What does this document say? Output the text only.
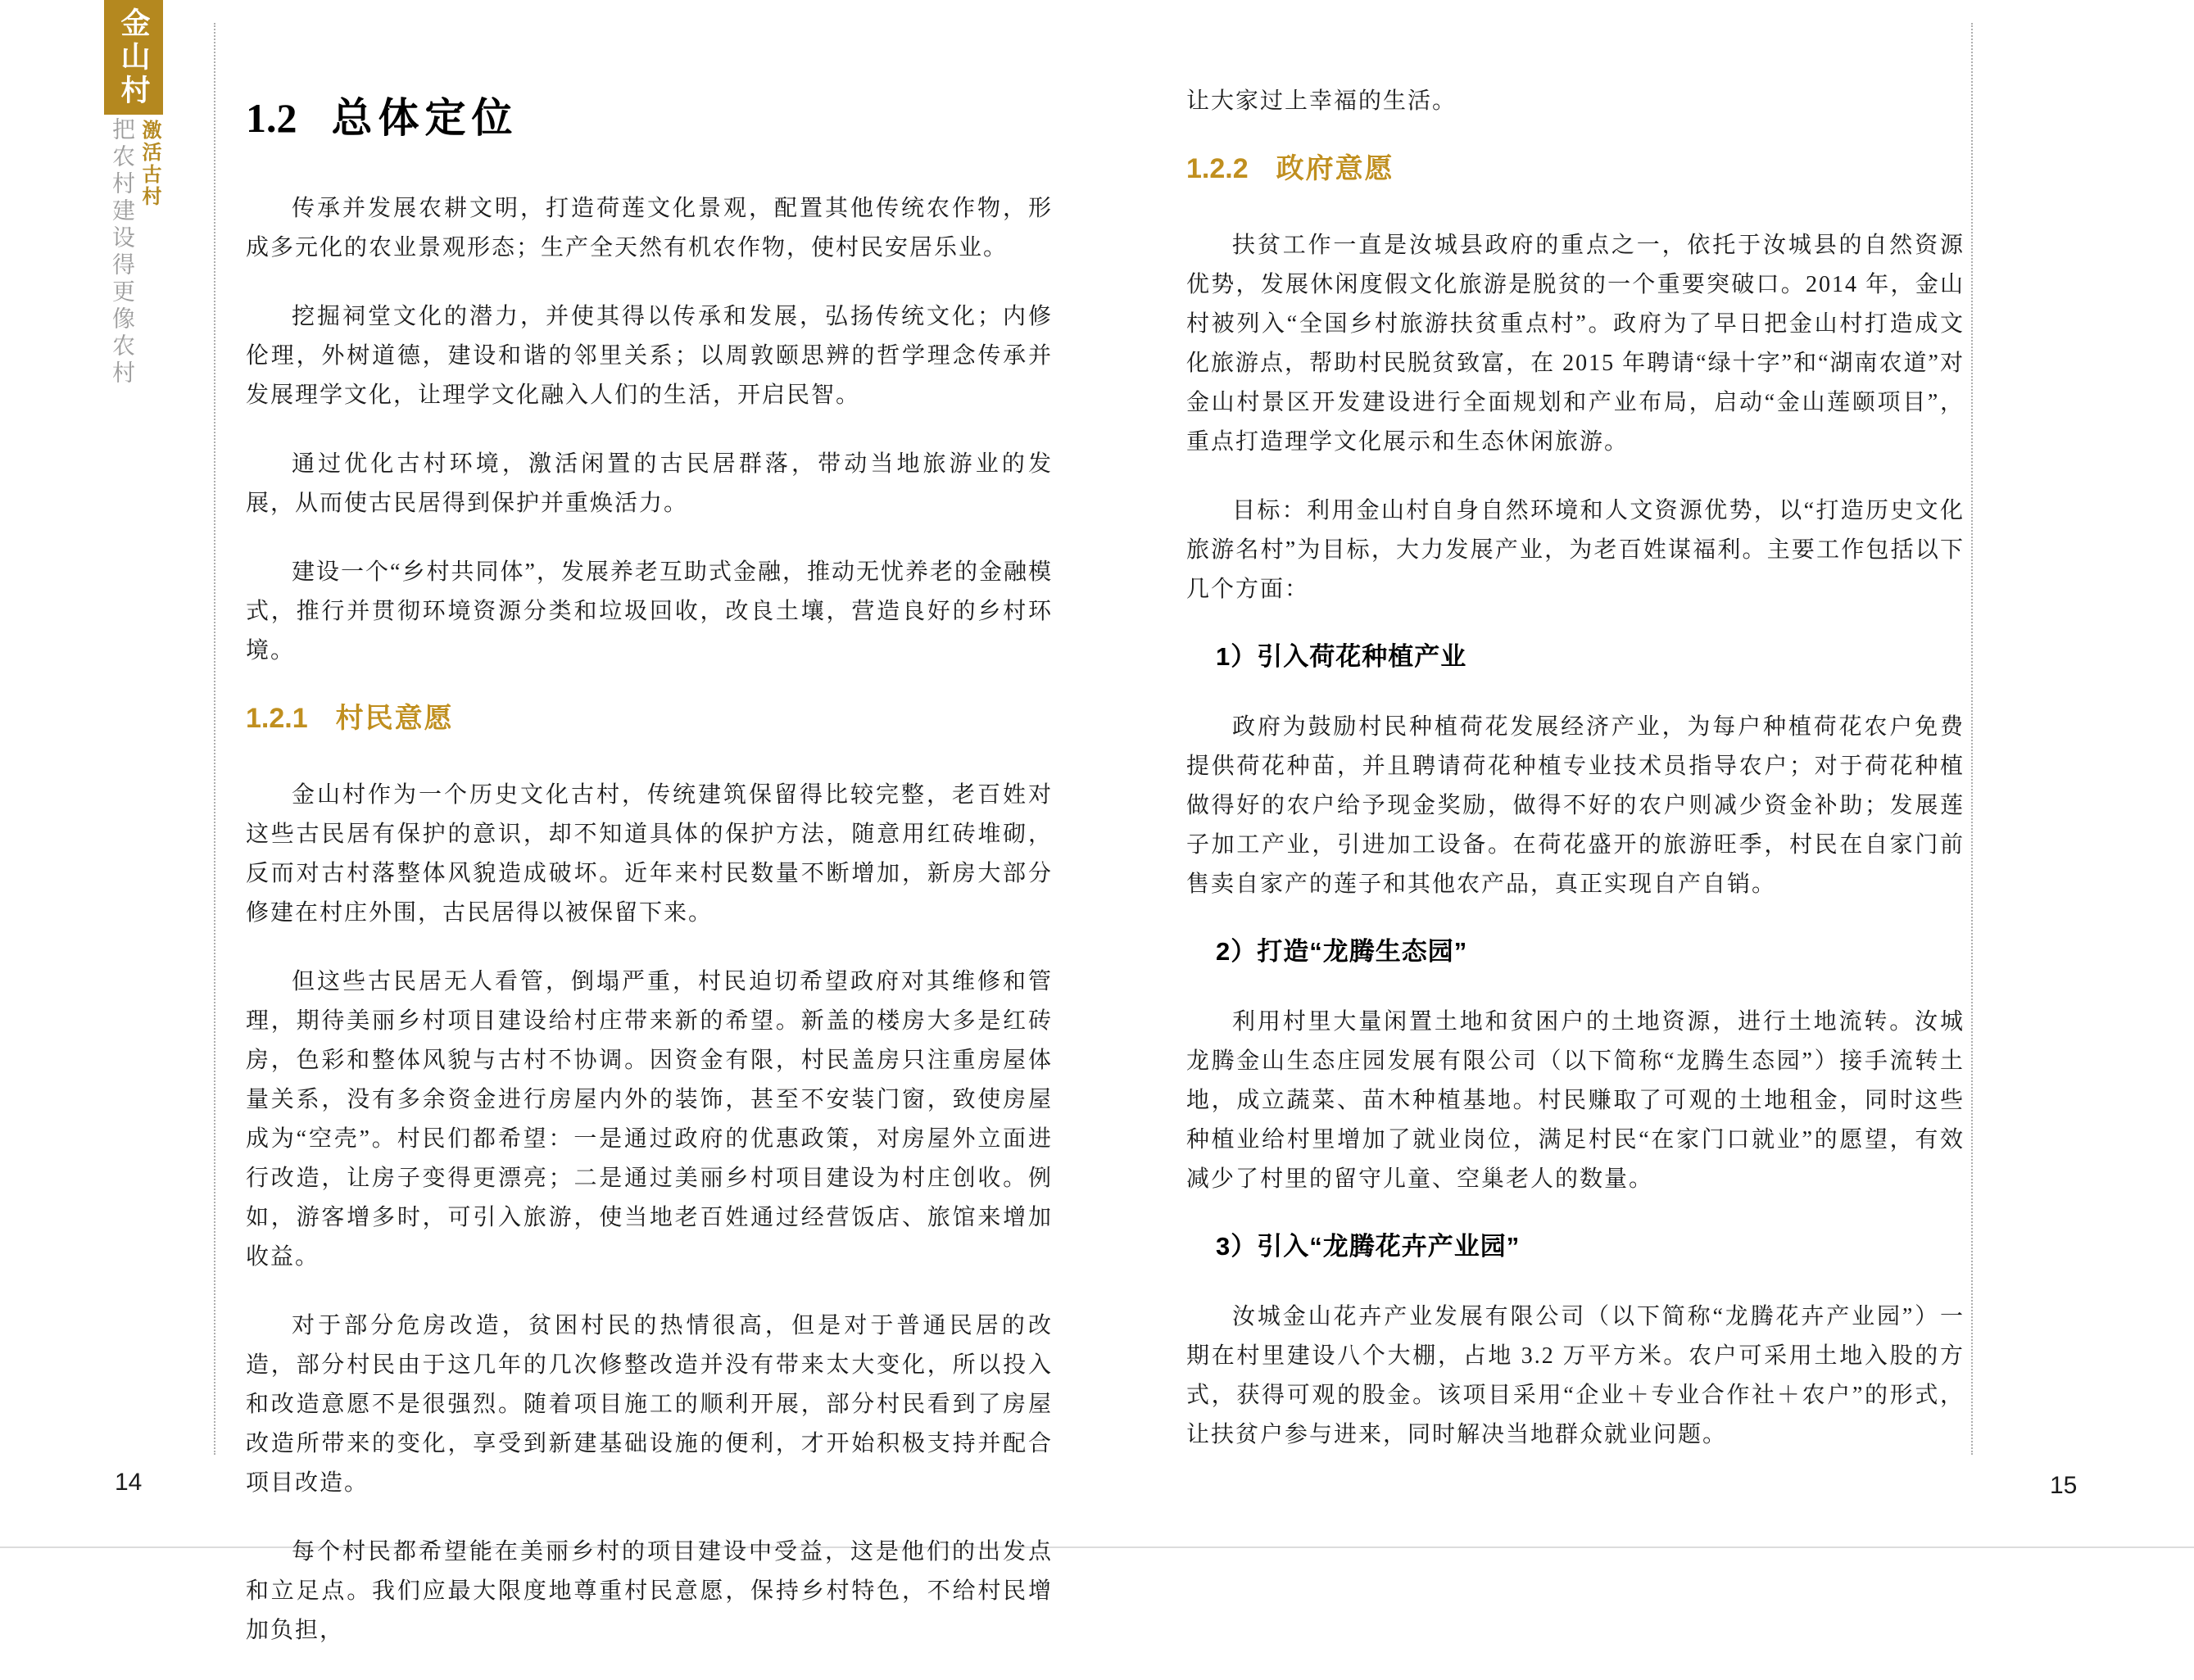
金山村
激活古村
把农村建设得更像农村	1.2 总体定位

传承并发展农耕文明，打造荷莲文化景观，配置其他传统农作物，形成多元化的农业景观形态；生产全天然有机农作物，使村民安居乐业。

挖掘祠堂文化的潜力，并使其得以传承和发展，弘扬传统文化；内修伦理，外树道德，建设和谐的邻里关系；以周敦颐思辨的哲学理念传承并发展理学文化，让理学文化融入人们的生活，开启民智。

通过优化古村环境，激活闲置的古民居群落，带动当地旅游业的发展，从而使古民居得到保护并重焕活力。

建设一个“乡村共同体”，发展养老互助式金融，推动无忧养老的金融模式，推行并贯彻环境资源分类和垃圾回收，改良土壤，营造良好的乡村环境。

1.2.1 村民意愿

金山村作为一个历史文化古村，传统建筑保留得比较完整，老百姓对这些古民居有保护的意识，却不知道具体的保护方法，随意用红砖堆砌，反而对古村落整体风貌造成破坏。近年来村民数量不断增加，新房大部分修建在村庄外围，古民居得以被保留下来。

但这些古民居无人看管，倒塌严重，村民迫切希望政府对其维修和管理，期待美丽乡村项目建设给村庄带来新的希望。新盖的楼房大多是红砖房，色彩和整体风貌与古村不协调。因资金有限，村民盖房只注重房屋体量关系，没有多余资金进行房屋内外的装饰，甚至不安装门窗，致使房屋成为“空壳”。村民们都希望：一是通过政府的优惠政策，对房屋外立面进行改造，让房子变得更漂亮；二是通过美丽乡村项目建设为村庄创收。例如，游客增多时，可引入旅游，使当地老百姓通过经营饭店、旅馆来增加收益。

对于部分危房改造，贫困村民的热情很高，但是对于普通民居的改造，部分村民由于这几年的几次修整改造并没有带来太大变化，所以投入和改造意愿不是很强烈。随着项目施工的顺利开展，部分村民看到了房屋改造所带来的变化，享受到新建基础设施的便利，才开始积极支持并配合项目改造。

每个村民都希望能在美丽乡村的项目建设中受益，这是他们的出发点和立足点。我们应最大限度地尊重村民意愿，保持乡村特色，不给村民增加负担，

让大家过上幸福的生活。

1.2.2 政府意愿

扶贫工作一直是汝城县政府的重点之一，依托于汝城县的自然资源优势，发展休闲度假文化旅游是脱贫的一个重要突破口。2014 年，金山村被列入“全国乡村旅游扶贫重点村”。政府为了早日把金山村打造成文化旅游点，帮助村民脱贫致富，在 2015 年聘请“绿十字”和“湖南农道”对金山村景区开发建设进行全面规划和产业布局，启动“金山莲颐项目”，重点打造理学文化展示和生态休闲旅游。

目标：利用金山村自身自然环境和人文资源优势，以“打造历史文化旅游名村”为目标，大力发展产业，为老百姓谋福利。主要工作包括以下几个方面：

1）引入荷花种植产业

政府为鼓励村民种植荷花发展经济产业，为每户种植荷花农户免费提供荷花种苗，并且聘请荷花种植专业技术员指导农户；对于荷花种植做得好的农户给予现金奖励，做得不好的农户则减少资金补助；发展莲子加工产业，引进加工设备。在荷花盛开的旅游旺季，村民在自家门前售卖自家产的莲子和其他农产品，真正实现自产自销。

2）打造“龙腾生态园”

利用村里大量闲置土地和贫困户的土地资源，进行土地流转。汝城龙腾金山生态庄园发展有限公司（以下简称“龙腾生态园”）接手流转土地，成立蔬菜、苗木种植基地。村民赚取了可观的土地租金，同时这些种植业给村里增加了就业岗位，满足村民“在家门口就业”的愿望，有效减少了村里的留守儿童、空巢老人的数量。

3）引入“龙腾花卉产业园”

汝城金山花卉产业发展有限公司（以下简称“龙腾花卉产业园”）一期在村里建设八个大棚，占地 3.2 万平方米。农户可采用土地入股的方式，获得可观的股金。该项目采用“企业＋专业合作社＋农户”的形式，让扶贫户参与进来，同时解决当地群众就业问题。

14	15
